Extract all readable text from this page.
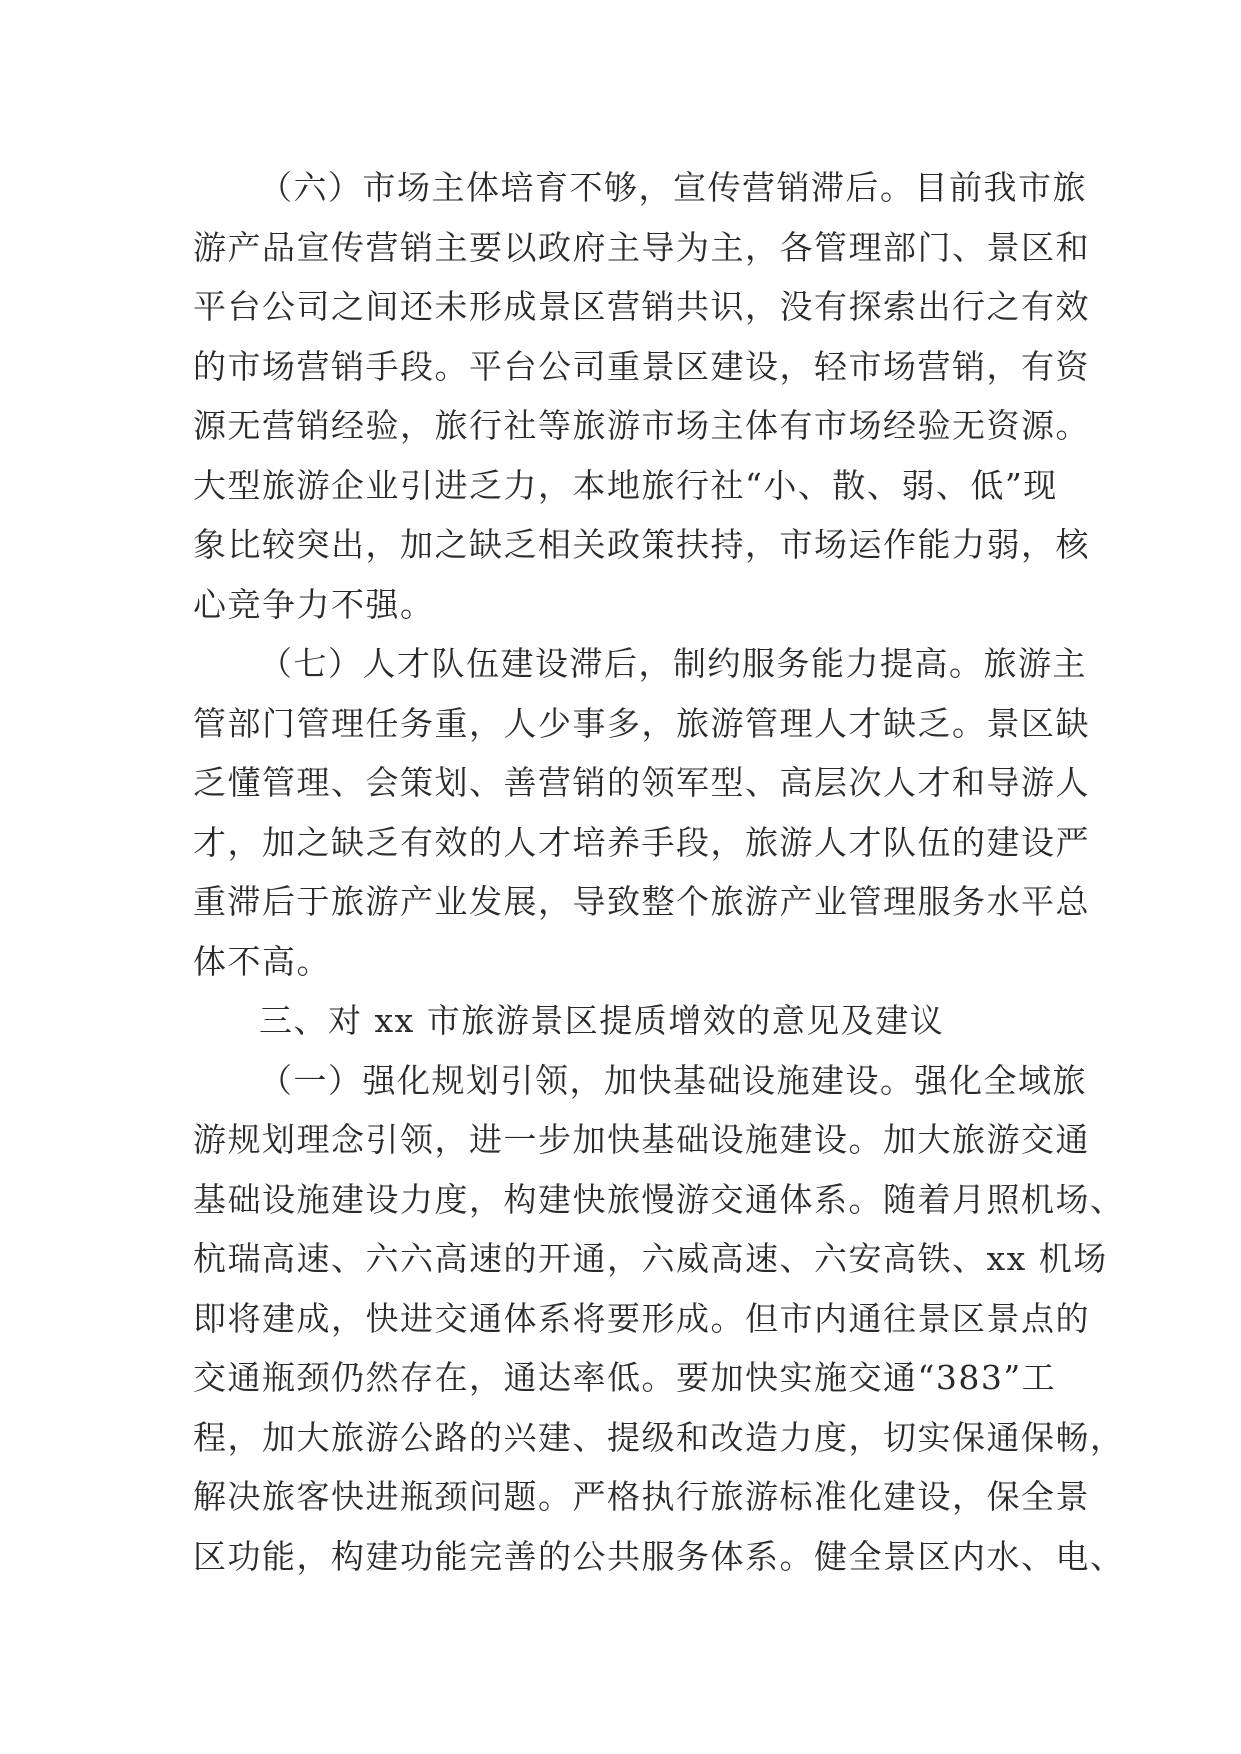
（六）市场主体培育不够，宣传营销滞后。目前我市旅
游产品宣传营销主要以政府主导为主，各管理部门、景区和
平台公司之间还未形成景区营销共识，没有探索出行之有效
的市场营销手段。平台公司重景区建设，轻市场营销，有资
源无营销经验，旅行社等旅游市场主体有市场经验无资源。
大型旅游企业引进乏力，本地旅行社“小、散、弱、低”现
象比较突出，加之缺乏相关政策扶持，市场运作能力弱，核
心竞争力不强。
（七）人才队伍建设滞后，制约服务能力提高。旅游主
管部门管理任务重，人少事多，旅游管理人才缺乏。景区缺
乏懂管理、会策划、善营销的领军型、高层次人才和导游人
才，加之缺乏有效的人才培养手段，旅游人才队伍的建设严
重滞后于旅游产业发展，导致整个旅游产业管理服务水平总
体不高。
三、对 xx 市旅游景区提质增效的意见及建议
（一）强化规划引领，加快基础设施建设。强化全域旅
游规划理念引领，进一步加快基础设施建设。加大旅游交通
基础设施建设力度，构建快旅慢游交通体系。随着月照机场、
杭瑞高速、六六高速的开通，六威高速、六安高铁、xx 机场
即将建成，快进交通体系将要形成。但市内通往景区景点的
交通瓶颈仍然存在，通达率低。要加快实施交通“383”工
程，加大旅游公路的兴建、提级和改造力度，切实保通保畅，
解决旅客快进瓶颈问题。严格执行旅游标准化建设，保全景
区功能，构建功能完善的公共服务体系。健全景区内水、电、
